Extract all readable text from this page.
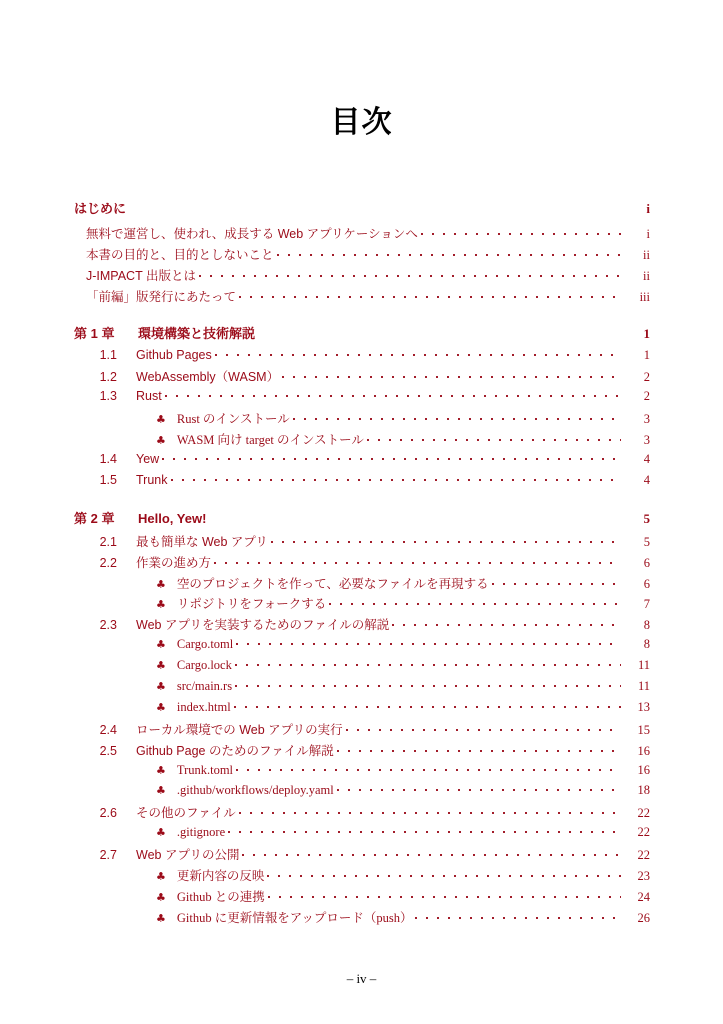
目次
はじめに	i
無料で運営し、使われ、成長する Web アプリケーションへ	i
本書の目的と、目的としないこと	ii
J-IMPACT 出版とは	ii
「前編」版発行にあたって	iii
第 1 章	環境構築と技術解説	1
1.1	Github Pages	1
1.2	WebAssembly（WASM）	2
1.3	Rust	2
♣ Rust のインストール	3
♣ WASM 向け target のインストール	3
1.4	Yew	4
1.5	Trunk	4
第 2 章	Hello, Yew!	5
2.1	最も簡単な Web アプリ	5
2.2	作業の進め方	6
♣ 空のプロジェクトを作って、必要なファイルを再現する	6
♣ リポジトリをフォークする	7
2.3	Web アプリを実装するためのファイルの解説	8
♣ Cargo.toml	8
♣ Cargo.lock	11
♣ src/main.rs	11
♣ index.html	13
2.4	ローカル環境での Web アプリの実行	15
2.5	Github Page のためのファイル解説	16
♣ Trunk.toml	16
♣ .github/workflows/deploy.yaml	18
2.6	その他のファイル	22
♣ .gitignore	22
2.7	Web アプリの公開	22
♣ 更新内容の反映	23
♣ Github との連携	24
♣ Github に更新情報をアップロード（push）	26
– iv –
